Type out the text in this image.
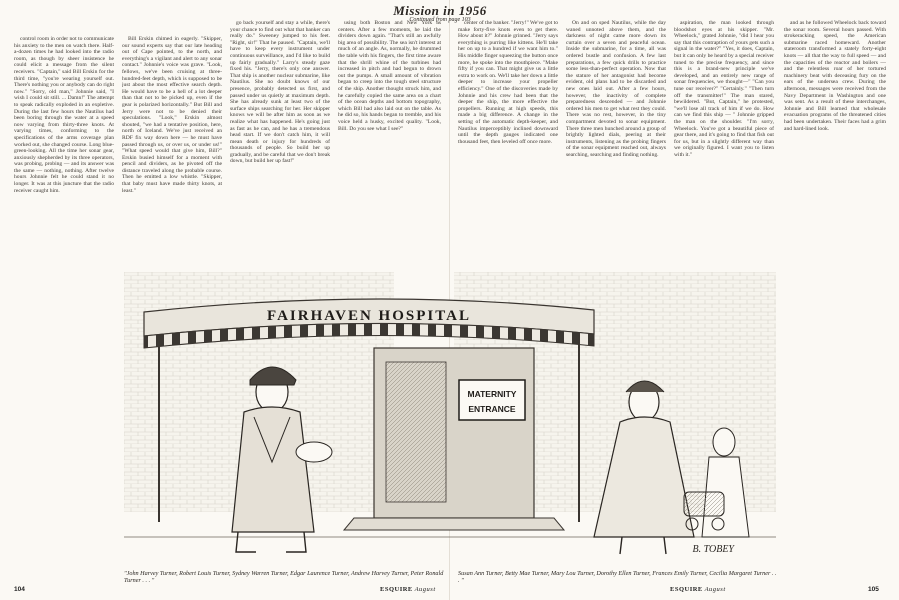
Mission in 1956
Continued from page 103

control room in order not to communicate his anxiety to the men on watch there. Half-a-dozen times he had looked into the radio room, as though by sheer insistence he could elicit a message from the silent receivers. "Captain," said Bill Erskin for the third time, "you're wearing yourself out. There's nothing you or anybody can do right now." "Sorry, old man," Johnnie said, "I wish I could sit still. ... Damn!" The attempt to speak radically exploded in an expletive. During the last few hours the Nautilus had been boring through the water at a speed now varying from thirty-three knots. At varying times, conforming to the specifications of the arms coverage plan worked out, she changed course. Long blue-green-looking. All the time her sonar gear, anxiously shepherded by its three operators, was probing, probing — and its answer was the same — nothing, nothing. After twelve hours Johnnie felt he could stand it no longer. It was at this juncture that the radio receiver caught him.

Bill Erskin chimed in eagerly. "Skipper, our sound experts say that our late heading out of Cape pointed, to the north, and everything's a vigilant and alert to any sonar contact." Johnnie's voice was grave. "Look, fellows, we've been cruising at three-hundred-feet depth, which is supposed to be just about the most effective search depth. He would have to be a hell of a lot deeper than that not to be picked up, even if the gear is polarized horizontally." But Bill and Jerry were not to be denied their speculations. "Look," Erskin almost shouted, "we had a tentative position, here, north of Iceland. We've just received an RDF fix way down here — he must have passed through us, or over us, or under us!" "What speed would that give him, Bill?" Erskin busied himself for a moment with pencil and dividers, as he pivoted off the distance traveled along the probable course. Then he emitted a low whistle. "Skipper, that baby must have made thirty knots, at least."

go back yourself and stay a while, there's your chance to find out what that banker can really do." Sweeney jumped to his feet. "Right, sir!" That he paused. "Captain, we'll have to keep every instrument under continuous surveillance, and I'd like to build up fairly gradually." Larry's steady gaze fixed his. "Jerry, there's only one answer. That ship is another nuclear submarine, like Nautilus. She no doubt knows of our presence, probably detected us first, and passed under us quietly at maximum depth. She has already sunk at least two of the surface ships searching for her. Her skipper knows we will be after him as soon as we realize what has happened. He's going just as fast as he can, and he has a tremendous head start. If we don't catch him, it will mean death or injury for hundreds of thousands of people. So build her up gradually, and be careful that we don't break down, but build her up fast!"

using both Boston and New York as centers. After a few moments, he laid the dividers down again. "That's still an awfully big area of possibility. The sea isn't interest at much of an angle. As, normally, he drummed the table with his fingers, the first time aware that the shrill whine of the turbines had increased in pitch and had begun to drown out the pumps. A small amount of vibration began to creep into the tough steel structure of the ship. Another thought struck him, and he carefully copied the same area on a chart of the ocean depths and bottom topography, which Bill had also laid out on the table. As he did so, his hands began to tremble, and his voice held a husky, excited quality. "Look, Bill. Do you see what I see?"

center of the banker. "Jerry!" We've got to make forty-five knots even to get there. How about it?" Johnnie grinned. "Jerry says everything is purring like kittens. He'll take her on up to a hundred if we want him to." His middle finger squeezing the button once more, he spoke into the mouthpiece. "Make fifty if you can. That might give us a little extra to work on. We'll take her down a little deeper to increase your propeller efficiency." One of the discoveries made by Johnnie and his crew had been that the deeper the ship, the more effective the propellers. Running at high speeds, this made a big difference. A change in the setting of the automatic depth-keeper, and Nautilus imperceptibly inclined downward until the depth gauges indicated one thousand feet, then leveled off once more.

On and on sped Nautilus, while the day waned unnoted above them, and the darkness of night came more down its curtain over a seven and peaceful ocean. Inside the submarine, for a time, all was ordered bustle and confusion. A few last preparations, a few quick drills to practice some less-than-perfect operation. Now that the stature of her antagonist had become evident, old plans had to be discarded and new ones laid out. After a few hours, however, the inactivity of complete preparedness descended — and Johnnie ordered his men to get what rest they could. There was no rest, however, in the tiny compartment devoted to sonar equipment. There three men hunched around a group of brightly lighted dials, peering at their instruments, listening as the probing fingers of the sonar equipment reached out, always searching, searching and finding nothing.

aspiration, the man looked through bloodshot eyes at his skipper. "Mr. Wheelock," grated Johnnie, "did I hear you say that this contraption of yours gets such a signal in the water?" "Yes, it does, Captain, but it can only be heard by a special receiver tuned to the precise frequency, and since this is a brand-new principle we've developed, and an entirely new range of sonar frequencies, we thought—" "Can you tune our receiver?" "Certainly." "Then turn off the transmitter!" The man stared, bewildered. "But, Captain," he protested, "we'll lose all track of him if we do. How can we find this ship — " Johnnie gripped the man on the shoulder. "I'm sorry, Wheelock. You've got a beautiful piece of gear there, and it's going to find that fish out for us, but in a slightly different way than we originally figured. I want you to listen with it."

and as he followed Wheelock back toward the sonar room. Several hours passed. With strokeracking speed, the American submarine raced homeward. Another stateroom transformed a stately forty-eight knots — all that the way to full speed — and the capacities of the reactor and boilers — and the relentless roar of her tortured machinery beat with deceasing fury on the ears of the undersea crew. During the afternoon, messages were received from the Navy Department in Washington and one was sent. As a result of these interchanges, Johnnie and Bill learned that wholesale evacuation programs of the threatened cities had been undertaken. Their faces had a grim and hard-lined look.

FAIRHAVEN HOSPITAL
MATERNITY
ENTRANCE
B. TOBEY
"John Harvey Turner, Robert Louis Turner, Sydney Warren Turner, Edgar Laurence Turner, Andrew Harvey Turner, Peter Ronald Turner . . . "
Susan Ann Turner, Betty Mae Turner, Mary Lou Turner, Dorothy Ellen Turner, Frances Emily Turner, Cecilia Margaret Turner . . . "
104	ESQUIRE August	ESQUIRE August	105
